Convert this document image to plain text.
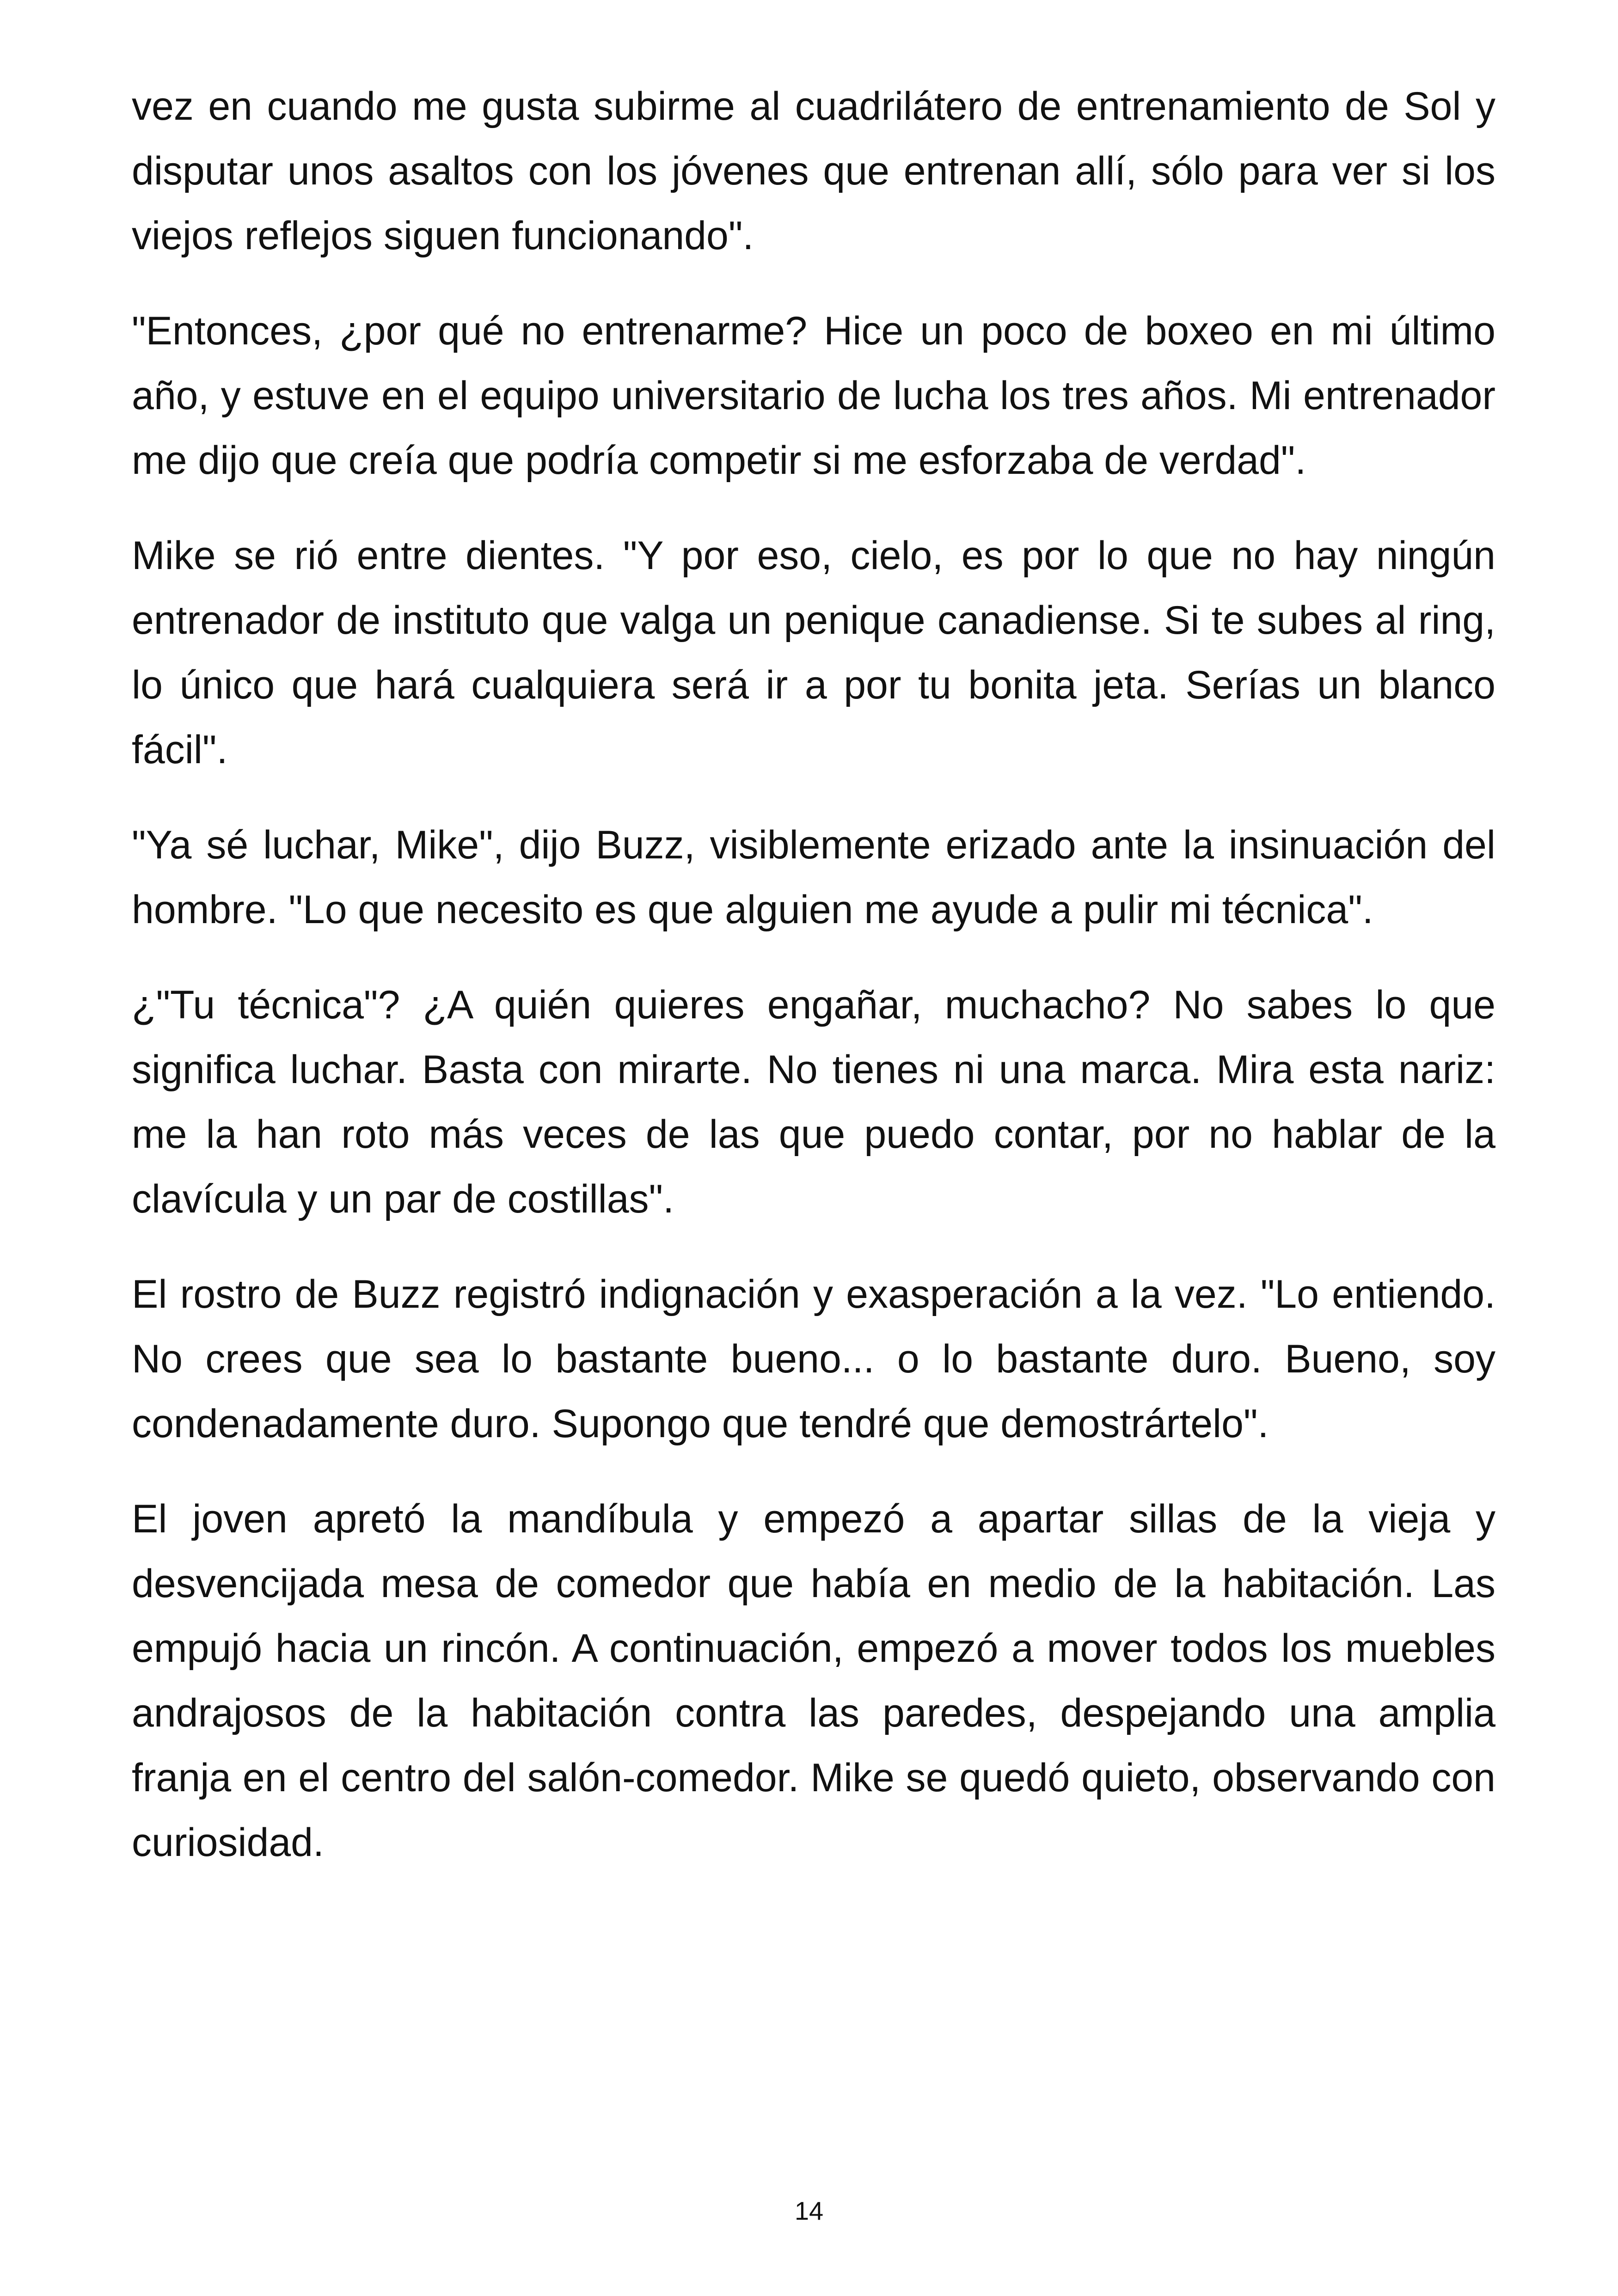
vez en cuando me gusta subirme al cuadrilátero de entrenamiento de Sol y disputar unos asaltos con los jóvenes que entrenan allí, sólo para ver si los viejos reflejos siguen funcionando".

"Entonces, ¿por qué no entrenarme? Hice un poco de boxeo en mi último año, y estuve en el equipo universitario de lucha los tres años. Mi entrenador me dijo que creía que podría competir si me esforzaba de verdad".

Mike se rió entre dientes. "Y por eso, cielo, es por lo que no hay ningún entrenador de instituto que valga un penique canadiense. Si te subes al ring, lo único que hará cualquiera será ir a por tu bonita jeta. Serías un blanco fácil".

"Ya sé luchar, Mike", dijo Buzz, visiblemente erizado ante la insinuación del hombre. "Lo que necesito es que alguien me ayude a pulir mi técnica".

¿"Tu técnica"? ¿A quién quieres engañar, muchacho? No sabes lo que significa luchar. Basta con mirarte. No tienes ni una marca. Mira esta nariz: me la han roto más veces de las que puedo contar, por no hablar de la clavícula y un par de costillas".

El rostro de Buzz registró indignación y exasperación a la vez. "Lo entiendo. No crees que sea lo bastante bueno... o lo bastante duro. Bueno, soy condenadamente duro. Supongo que tendré que demostrártelo".

El joven apretó la mandíbula y empezó a apartar sillas de la vieja y desvencijada mesa de comedor que había en medio de la habitación. Las empujó hacia un rincón. A continuación, empezó a mover todos los muebles andrajosos de la habitación contra las paredes, despejando una amplia franja en el centro del salón-comedor. Mike se quedó quieto, observando con curiosidad.

14
